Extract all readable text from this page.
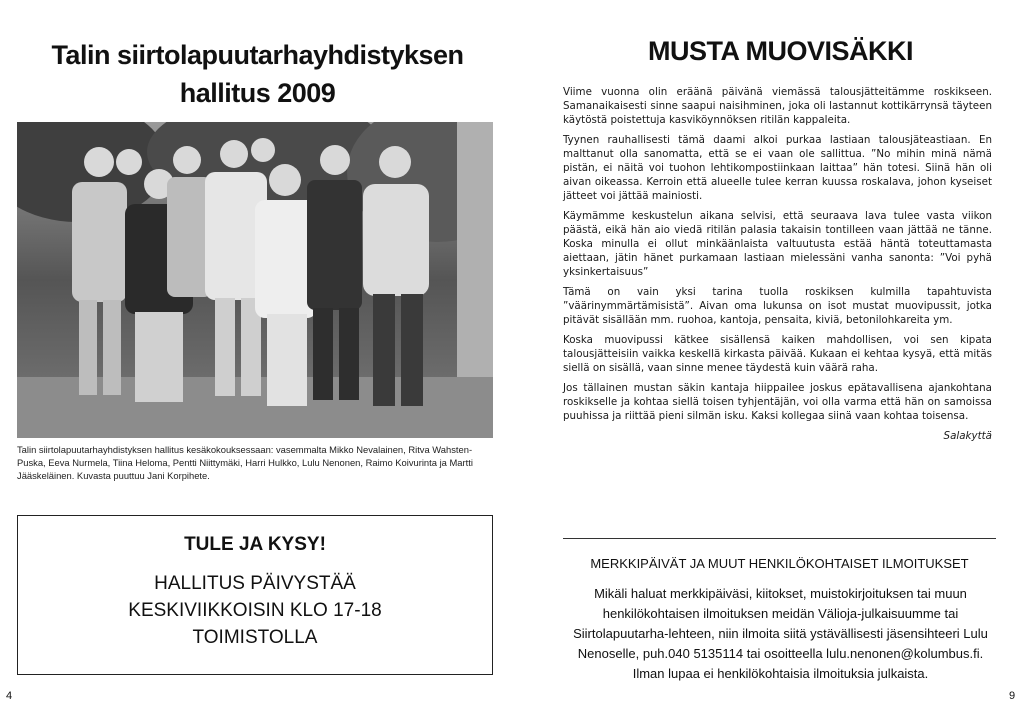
Talin siirtolapuutarhayhdistyksen
hallitus 2009
Talin siirtolapuutarhayhdistyksen hallitus kesäkokouksessaan: vasemmalta Mikko Nevalainen, Ritva Wahsten-Puska, Eeva Nurmela, Tiina Heloma, Pentti Niittymäki, Harri Hulkko, Lulu Nenonen, Raimo Koivurinta ja Martti Jääskeläinen. Kuvasta puuttuu Jani Korpihete.
TULE JA KYSY!
HALLITUS PÄIVYSTÄÄ
KESKIVIIKKOISIN KLO 17-18
TOIMISTOLLA
4
MUSTA MUOVISÄKKI

Viime vuonna olin eräänä päivänä viemässä talousjätteitämme roskikseen. Samanaikaisesti sinne saapui naisihminen, joka oli lastannut kottikärrynsä täyteen käytöstä poistettuja kasviköynnöksen ritilän kappaleita.

Tyynen rauhallisesti tämä daami alkoi purkaa lastiaan talousjäteastiaan. En malttanut olla sanomatta, että se ei vaan ole sallittua. ”No mihin minä nämä pistän, ei näitä voi tuohon lehtikompostiinkaan laittaa” hän totesi. Siinä hän oli aivan oikeassa. Kerroin että alueelle tulee kerran kuussa roskalava, johon kyseiset jätteet voi jättää mainiosti.

Käymämme keskustelun aikana selvisi, että seuraava lava tulee vasta viikon päästä, eikä hän aio viedä ritilän palasia takaisin tontilleen vaan jättää ne tänne. Koska minulla ei ollut minkäänlaista valtuutusta estää häntä toteuttamasta aiettaan, jätin hänet purkamaan lastiaan mielessäni vanha sanonta: ”Voi pyhä yksinkertaisuus”

Tämä on vain yksi tarina tuolla roskiksen kulmilla tapahtuvista ”väärinymmärtämisistä”. Aivan oma lukunsa on isot mustat muovipussit, jotka pitävät sisällään mm. ruohoa, kantoja, pensaita, kiviä, betonilohkareita ym.

Koska muovipussi kätkee sisällensä kaiken mahdollisen, voi sen kipata talousjätteisiin vaikka keskellä kirkasta päivää. Kukaan ei kehtaa kysyä, että mitäs siellä on sisällä, vaan sinne menee täydestä kuin väärä raha.

Jos tällainen mustan säkin kantaja hiippailee joskus epätavallisena ajankohtana roskikselle ja kohtaa siellä toisen tyhjentäjän, voi olla varma että hän on samoissa puuhissa ja riittää pieni silmän isku. Kaksi kollegaa siinä vaan kohtaa toisensa.

Salakyttä
MERKKIPÄIVÄT JA MUUT HENKILÖKOHTAISET ILMOITUKSET
Mikäli haluat merkkipäiväsi, kiitokset, muistokirjoituksen tai muun
henkilökohtaisen ilmoituksen meidän Välioja-julkaisuumme tai
Siirtolapuutarha-lehteen, niin ilmoita siitä ystävällisesti jäsensihteeri Lulu
Nenoselle, puh.040 5135114 tai osoitteella lulu.nenonen@kolumbus.fi.
Ilman lupaa ei henkilökohtaisia ilmoituksia julkaista.
9
